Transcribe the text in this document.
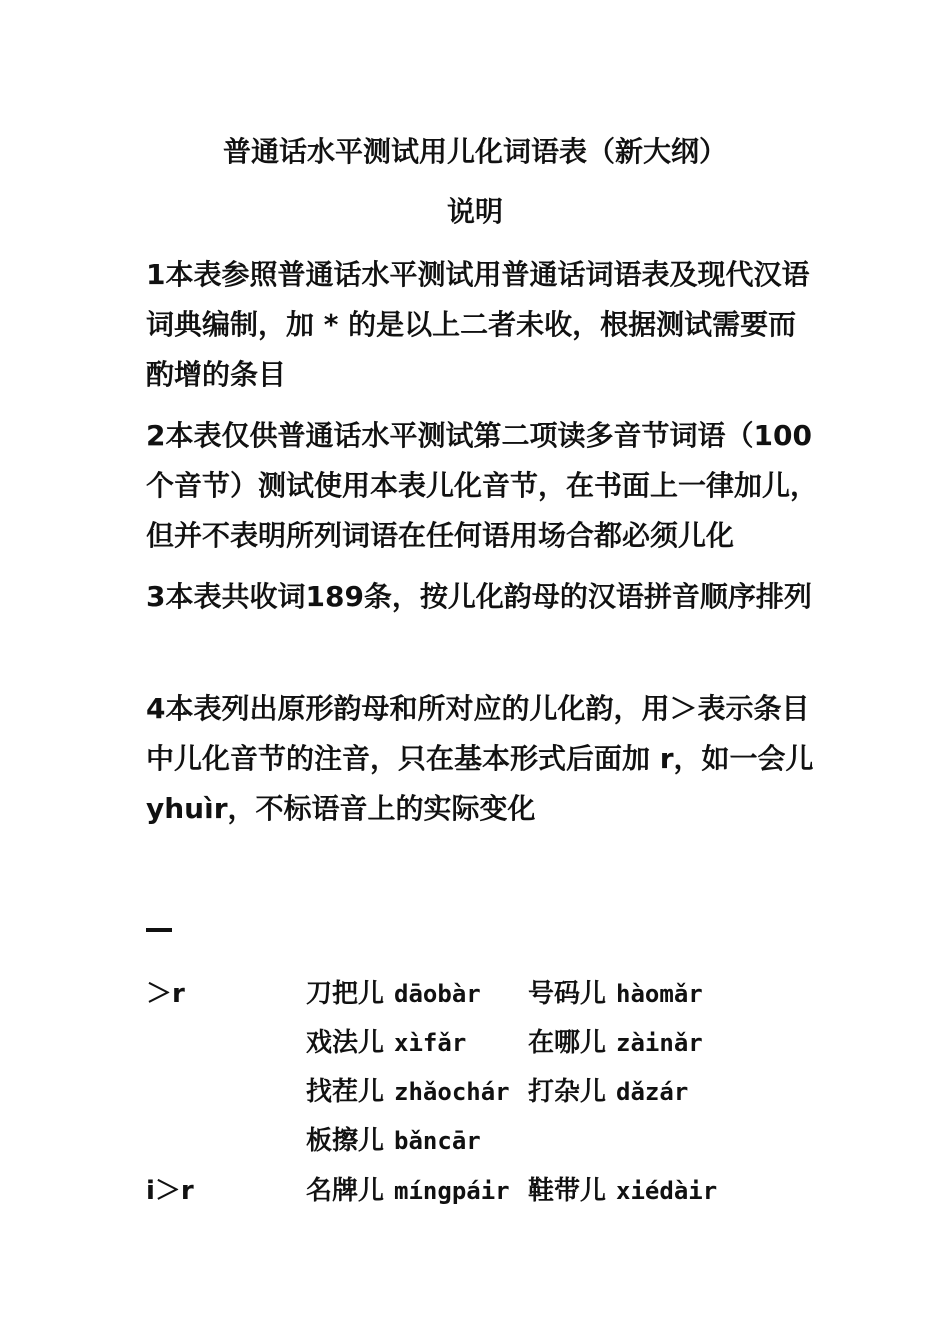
普通话水平测试用儿化词语表（新大纲）
说明
1本表参照普通话水平测试用普通话词语表及现代汉语词典编制，加 * 的是以上二者未收，根据测试需要而酌增的条目
2本表仅供普通话水平测试第二项读多音节词语（100个音节）测试使用本表儿化音节，在书面上一律加儿，但并不表明所列词语在任何语用场合都必须儿化
3本表共收词189条，按儿化韵母的汉语拼音顺序排列
4本表列出原形韵母和所对应的儿化韵，用＞表示条目中儿化音节的注音，只在基本形式后面加 r，如一会儿 yhuìr，不标语音上的实际变化
＞r	刀把儿 dāobàr 号码儿 hàomǎr
戏法儿 xìfǎr 在哪儿 zàinǎr
找茬儿 zhǎochár 打杂儿 dǎzár
板擦儿 bǎncār
i＞r	名牌儿 míngpáir 鞋带儿 xiédàir
